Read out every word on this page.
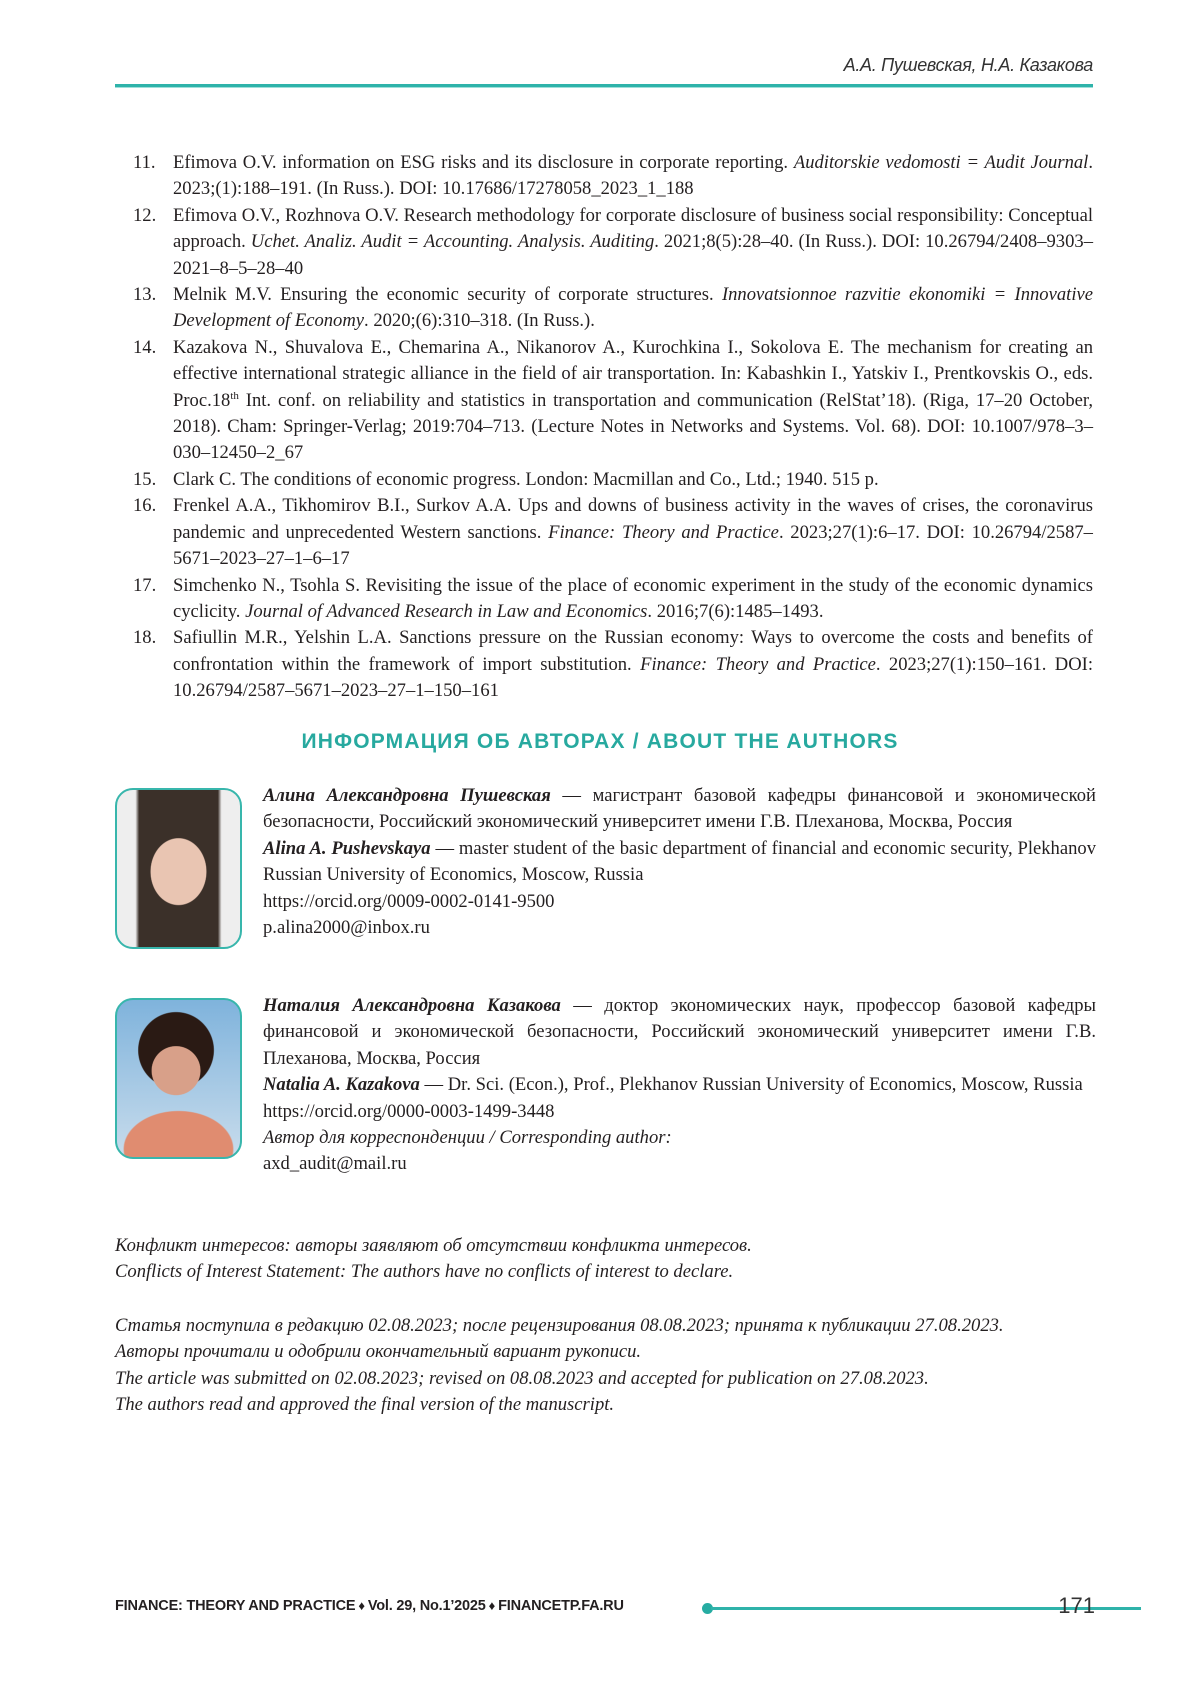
А.А. Пушевская, Н.А. Казакова
11. Efimova O.V. information on ESG risks and its disclosure in corporate reporting. Auditorskie vedomosti = Audit Journal. 2023;(1):188–191. (In Russ.). DOI: 10.17686/17278058_2023_1_188
12. Efimova O.V., Rozhnova O.V. Research methodology for corporate disclosure of business social responsibility: Conceptual approach. Uchet. Analiz. Audit = Accounting. Analysis. Auditing. 2021;8(5):28–40. (In Russ.). DOI: 10.26794/2408–9303–2021–8–5–28–40
13. Melnik M.V. Ensuring the economic security of corporate structures. Innovatsionnoe razvitie ekonomiki = Innovative Development of Economy. 2020;(6):310–318. (In Russ.).
14. Kazakova N., Shuvalova E., Chemarina A., Nikanorov A., Kurochkina I., Sokolova E. The mechanism for creating an effective international strategic alliance in the field of air transportation. In: Kabashkin I., Yatskiv I., Prentkovskis O., eds. Proc.18th Int. conf. on reliability and statistics in transportation and communication (RelStat’18). (Riga, 17–20 October, 2018). Cham: Springer-Verlag; 2019:704–713. (Lecture Notes in Networks and Systems. Vol. 68). DOI: 10.1007/978–3–030–12450–2_67
15. Clark C. The conditions of economic progress. London: Macmillan and Co., Ltd.; 1940. 515 p.
16. Frenkel A.A., Tikhomirov B.I., Surkov A.A. Ups and downs of business activity in the waves of crises, the coronavirus pandemic and unprecedented Western sanctions. Finance: Theory and Practice. 2023;27(1):6–17. DOI: 10.26794/2587–5671–2023–27–1–6–17
17. Simchenko N., Tsohla S. Revisiting the issue of the place of economic experiment in the study of the economic dynamics cyclicity. Journal of Advanced Research in Law and Economics. 2016;7(6):1485–1493.
18. Safiullin M.R., Yelshin L.A. Sanctions pressure on the Russian economy: Ways to overcome the costs and benefits of confrontation within the framework of import substitution. Finance: Theory and Practice. 2023;27(1):150–161. DOI: 10.26794/2587–5671–2023–27–1–150–161
ИНФОРМАЦИЯ ОБ АВТОРАХ / ABOUT THE AUTHORS
Алина Александровна Пушевская — магистрант базовой кафедры финансовой и экономической безопасности, Российский экономический университет имени Г.В. Плеханова, Москва, Россия
Alina A. Pushevskaya — master student of the basic department of financial and economic security, Plekhanov Russian University of Economics, Moscow, Russia
https://orcid.org/0009-0002-0141-9500
p.alina2000@inbox.ru
Наталия Александровна Казакова — доктор экономических наук, профессор базовой кафедры финансовой и экономической безопасности, Российский экономический университет имени Г.В. Плеханова, Москва, Россия
Natalia A. Kazakova — Dr. Sci. (Econ.), Prof., Plekhanov Russian University of Economics, Moscow, Russia
https://orcid.org/0000-0003-1499-3448
Автор для корреспонденции / Corresponding author:
axd_audit@mail.ru
Конфликт интересов: авторы заявляют об отсутствии конфликта интересов.
Conflicts of Interest Statement: The authors have no conflicts of interest to declare.
Статья поступила в редакцию 02.08.2023; после рецензирования 08.08.2023; принята к публикации 27.08.2023.
Авторы прочитали и одобрили окончательный вариант рукописи.
The article was submitted on 02.08.2023; revised on 08.08.2023 and accepted for publication on 27.08.2023.
The authors read and approved the final version of the manuscript.
FINANCE: THEORY AND PRACTICE ♦ Vol. 29, No.1’2025 ♦ FINANCETP.FA.RU	171
